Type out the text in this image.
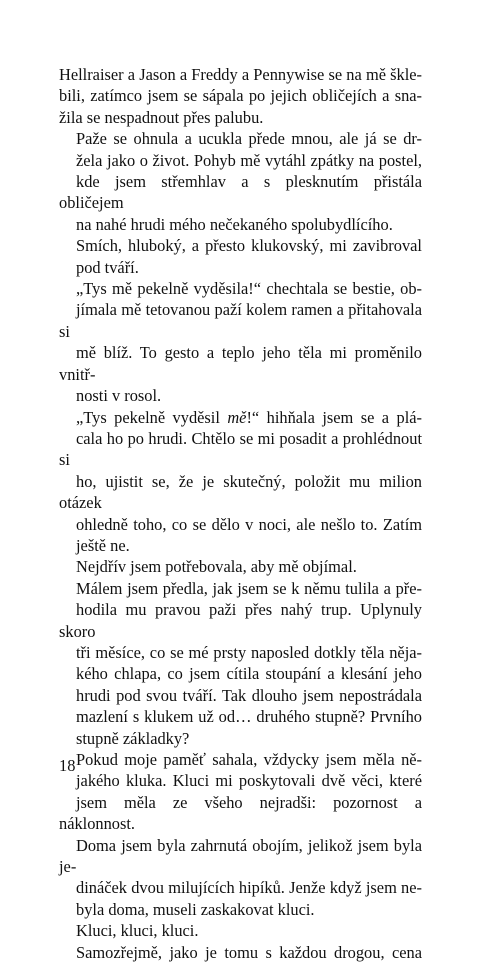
Hellraiser a Jason a Freddy a Pennywise se na mě škle-
bili, zatímco jsem se sápala po jejich obličejích a sna-
žila se nespadnout přes palubu.

Paže se ohnula a ucukla přede mnou, ale já se dr-
žela jako o život. Pohyb mě vytáhl zpátky na postel,
kde jsem střemhlav a s plesknutím přistála obličejem
na nahé hrudi mého nečekaného spolubydlícího.

Smích, hluboký, a přesto klukovský, mi zavibroval
pod tváří.

„Tys mě pekelně vyděsila!“ chechtala se bestie, ob-
jímala mě tetovanou paží kolem ramen a přitahovala si
mě blíž. To gesto a teplo jeho těla mi proměnilo vnitř-
nosti v rosol.

„Tys pekelně vyděsil mě!“ hihňala jsem se a plá-
cala ho po hrudi. Chtělo se mi posadit a prohlédnout si
ho, ujistit se, že je skutečný, položit mu milion otázek
ohledně toho, co se dělo v noci, ale nešlo to. Zatím
ještě ne.

Nejdřív jsem potřebovala, aby mě objímal.

Málem jsem předla, jak jsem se k němu tulila a pře-
hodila mu pravou paži přes nahý trup. Uplynuly skoro
tři měsíce, co se mé prsty naposled dotkly těla něja-
kého chlapa, co jsem cítila stoupání a klesání jeho
hrudi pod svou tváří. Tak dlouho jsem nepostrádala
mazlení s klukem už od… druhého stupně? Prvního
stupně základky?

Pokud moje paměť sahala, vždycky jsem měla ně-
jakého kluka. Kluci mi poskytovali dvě věci, které
jsem měla ze všeho nejradši: pozornost a náklonnost.
Doma jsem byla zahrnutá obojím, jelikož jsem byla je-
dináček dvou milujících hipíků. Jenže když jsem ne-
byla doma, museli zaskakovat kluci.

Kluci, kluci, kluci.

Samozřejmě, jako je tomu s každou drogou, cena

18
